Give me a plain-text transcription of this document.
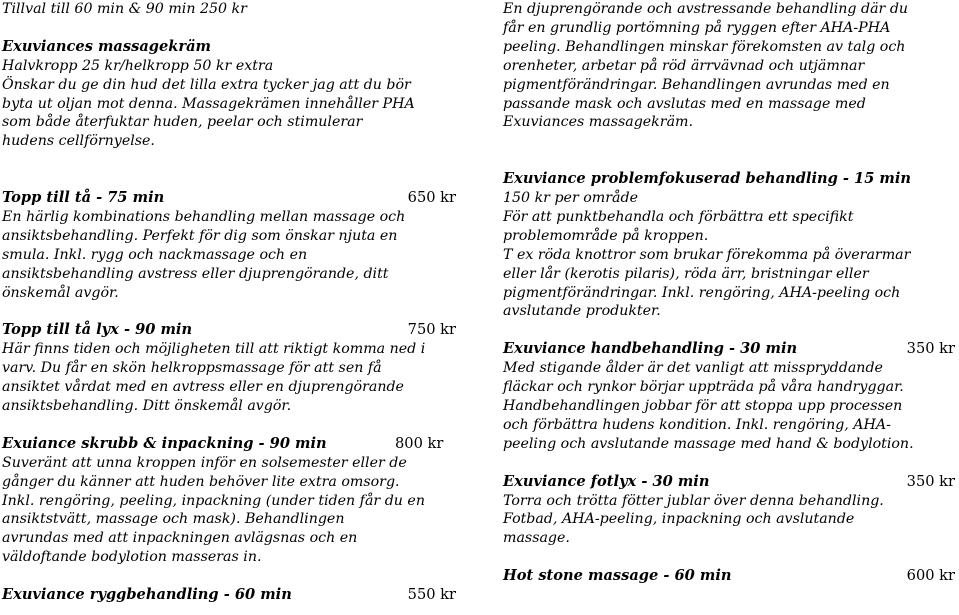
Tillval till 60 min & 90 min 250 kr
Exuviances massagekräm
Halvkropp 25 kr/helkropp 50 kr extra
Önskar du ge din hud det lilla extra tycker jag att du bör
byta ut oljan mot denna. Massagekrämen innehåller PHA
som både återfuktar huden, peelar och stimulerar
hudens cellförnyelse.
Topp till tå - 75 min	650 kr
En härlig kombinations behandling mellan massage och
ansiktsbehandling. Perfekt för dig som önskar njuta en
smula. Inkl. rygg och nackmassage och en
ansiktsbehandling avstress eller djuprengörande, ditt
önskemål avgör.
Topp till tå lyx - 90 min	750 kr
Här finns tiden och möjligheten till att riktigt komma ned i
varv. Du får en skön helkroppsmassage för att sen få
ansiktet vårdat med en avtress eller en djuprengörande
ansiktsbehandling. Ditt önskemål avgör.
Exuiance skrubb & inpackning - 90 min	800 kr
Suveränt att unna kroppen inför en solsemester eller de
gånger du känner att huden behöver lite extra omsorg.
Inkl. rengöring, peeling, inpackning (under tiden får du en
ansiktstvätt, massage och mask). Behandlingen
avrundas med att inpackningen avlägsnas och en
väldoftande bodylotion masseras in.
Exuviance ryggbehandling - 60 min	550 kr
En djuprengörande och avstressande behandling där du
får en grundlig portömning på ryggen efter AHA-PHA
peeling. Behandlingen minskar förekomsten av talg och
orenheter, arbetar på röd ärrvävnad och utjämnar
pigmentförändringar. Behandlingen avrundas med en
passande mask och avslutas med en massage med
Exuviances massagekräm.
Exuviance problemfokuserad behandling - 15 min
150 kr per område
För att punktbehandla och förbättra ett specifikt
problemområde på kroppen.
T ex röda knottror som brukar förekomma på överarmar
eller lår (kerotis pilaris), röda ärr, bristningar eller
pigmentförändringar. Inkl. rengöring, AHA-peeling och
avslutande produkter.
Exuviance handbehandling - 30 min	350 kr
Med stigande ålder är det vanligt att misspryddande
fläckar och rynkor börjar uppträda på våra handryggar.
Handbehandlingen jobbar för att stoppa upp processen
och förbättra hudens kondition. Inkl. rengöring, AHA-
peeling och avslutande massage med hand & bodylotion.
Exuviance fotlyx - 30 min	350 kr
Torra och trötta fötter jublar över denna behandling.
Fotbad, AHA-peeling, inpackning och avslutande
massage.
Hot stone massage - 60 min	600 kr
